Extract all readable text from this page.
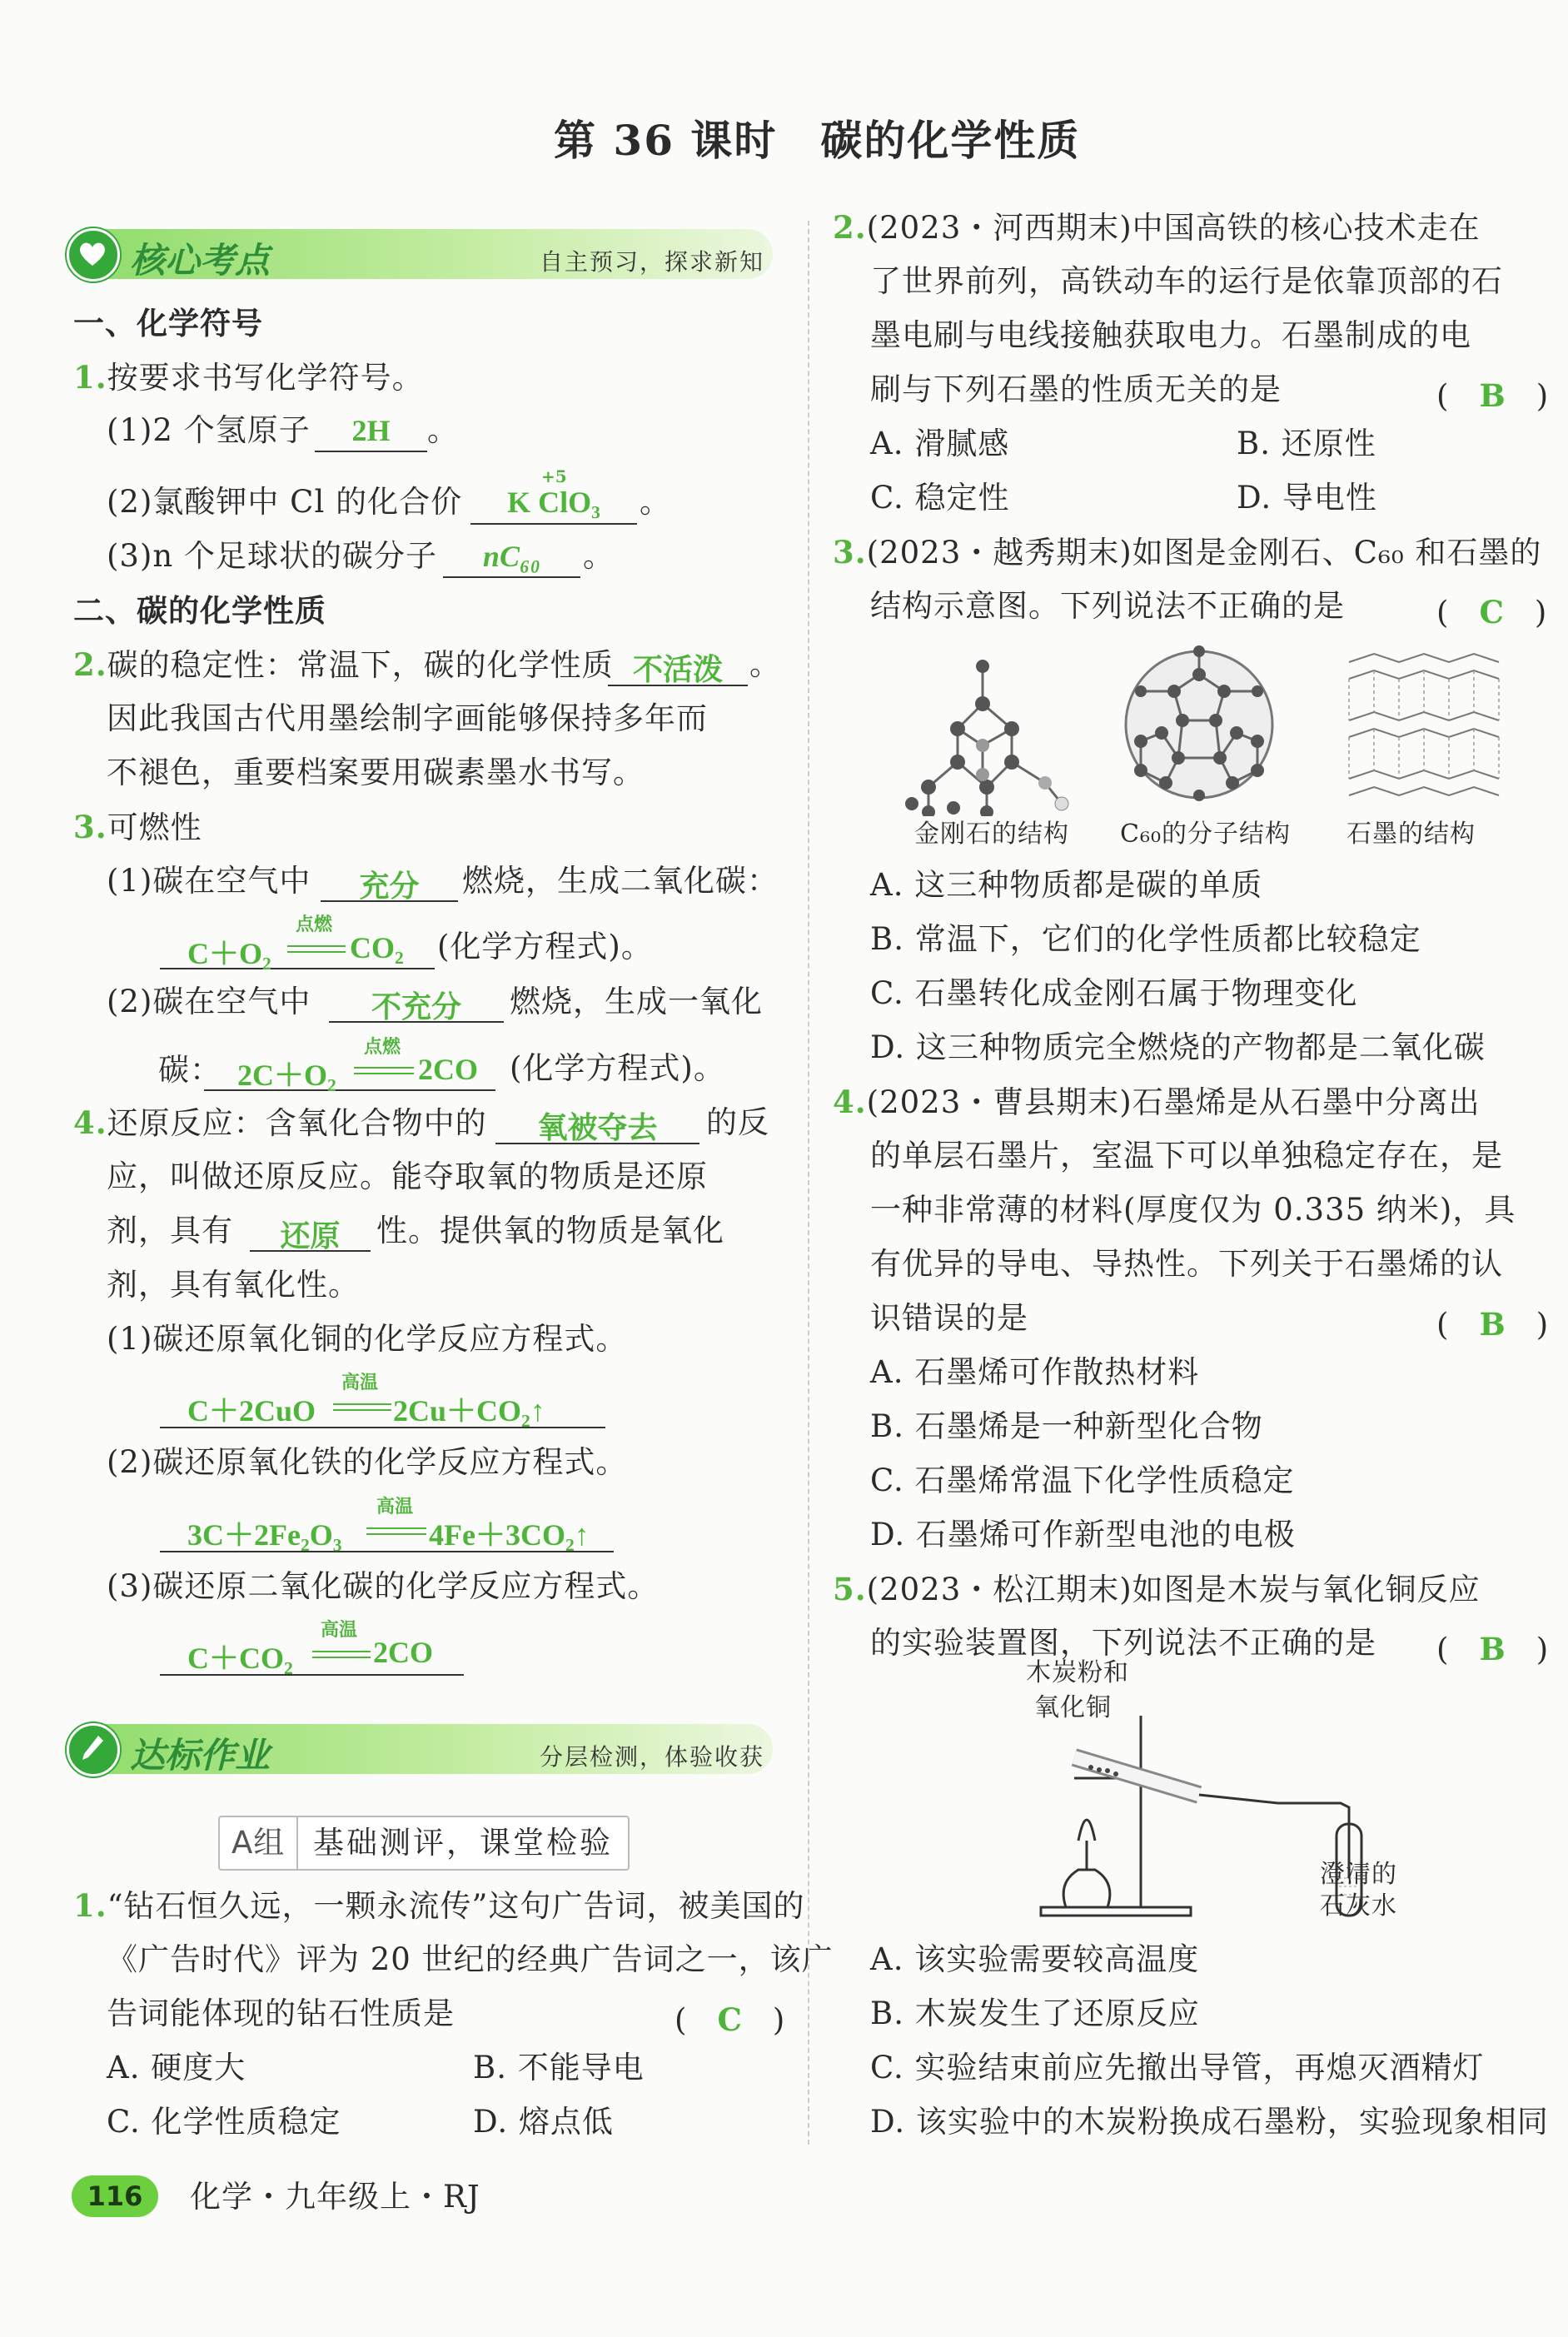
第 36 课时　碳的化学性质
核心考点	自主预习，探求新知
一、化学符号
1.按要求书写化学符号。
(1)2 个氢原子	2H	。
(2)氯酸钾中 Cl 的化合价
+5
K ClO₃	。
(3)n 个足球状的碳分子	nC₆₀	。
二、碳的化学性质
2.碳的稳定性：常温下，碳的化学性质 不活泼 。
因此我国古代用墨绘制字画能够保持多年而
不褪色，重要档案要用碳素墨水书写。
3.可燃性
(1)碳在空气中	充分	燃烧，生成二氧化碳：
C＋O₂
点燃
CO₂ (化学方程式)。
(2)碳在空气中	不充分	燃烧，生成一氧化
碳： 2C＋O₂
点燃
2CO (化学方程式)。
4.还原反应：含氧化合物中的	氧被夺去	的反
应，叫做还原反应。能夺取氧的物质是还原
剂，具有	还原	性。提供氧的物质是氧化
剂，具有氧化性。
(1)碳还原氧化铜的化学反应方程式。
C＋2CuO
高温
2Cu＋CO₂↑
(2)碳还原氧化铁的化学反应方程式。
3C＋2Fe₂O₃
高温
4Fe＋3CO₂↑
(3)碳还原二氧化碳的化学反应方程式。
C＋CO₂
高温
2CO
达标作业	分层检测，体验收获
A组 基础测评，课堂检验
1.“钻石恒久远，一颗永流传”这句广告词，被美国的
《广告时代》评为 20 世纪的经典广告词之一，该广
告词能体现的钻石性质是	(　C　)
A. 硬度大	B. 不能导电
C. 化学性质稳定	D. 熔点低
2.(2023・河西期末)中国高铁的核心技术走在
了世界前列，高铁动车的运行是依靠顶部的石
墨电刷与电线接触获取电力。石墨制成的电
刷与下列石墨的性质无关的是	(　B　)
A. 滑腻感	B. 还原性
C. 稳定性	D. 导电性
3.(2023・越秀期末)如图是金刚石、C₆₀ 和石墨的
结构示意图。下列说法不正确的是	(　C　)
金刚石的结构 C₆₀的分子结构 石墨的结构
A. 这三种物质都是碳的单质
B. 常温下，它们的化学性质都比较稳定
C. 石墨转化成金刚石属于物理变化
D. 这三种物质完全燃烧的产物都是二氧化碳
4.(2023・曹县期末)石墨烯是从石墨中分离出
的单层石墨片，室温下可以单独稳定存在，是
一种非常薄的材料(厚度仅为 0.335 纳米)，具
有优异的导电、导热性。下列关于石墨烯的认
识错误的是	(　B　)
A. 石墨烯可作散热材料
B. 石墨烯是一种新型化合物
C. 石墨烯常温下化学性质稳定
D. 石墨烯可作新型电池的电极
5.(2023・松江期末)如图是木炭与氧化铜反应
的实验装置图，下列说法不正确的是 (　B　)
木炭粉和
氧化铜
澄清的
石灰水
A. 该实验需要较高温度
B. 木炭发生了还原反应
C. 实验结束前应先撤出导管，再熄灭酒精灯
D. 该实验中的木炭粉换成石墨粉，实验现象相同
116	化学・九年级上・RJ
